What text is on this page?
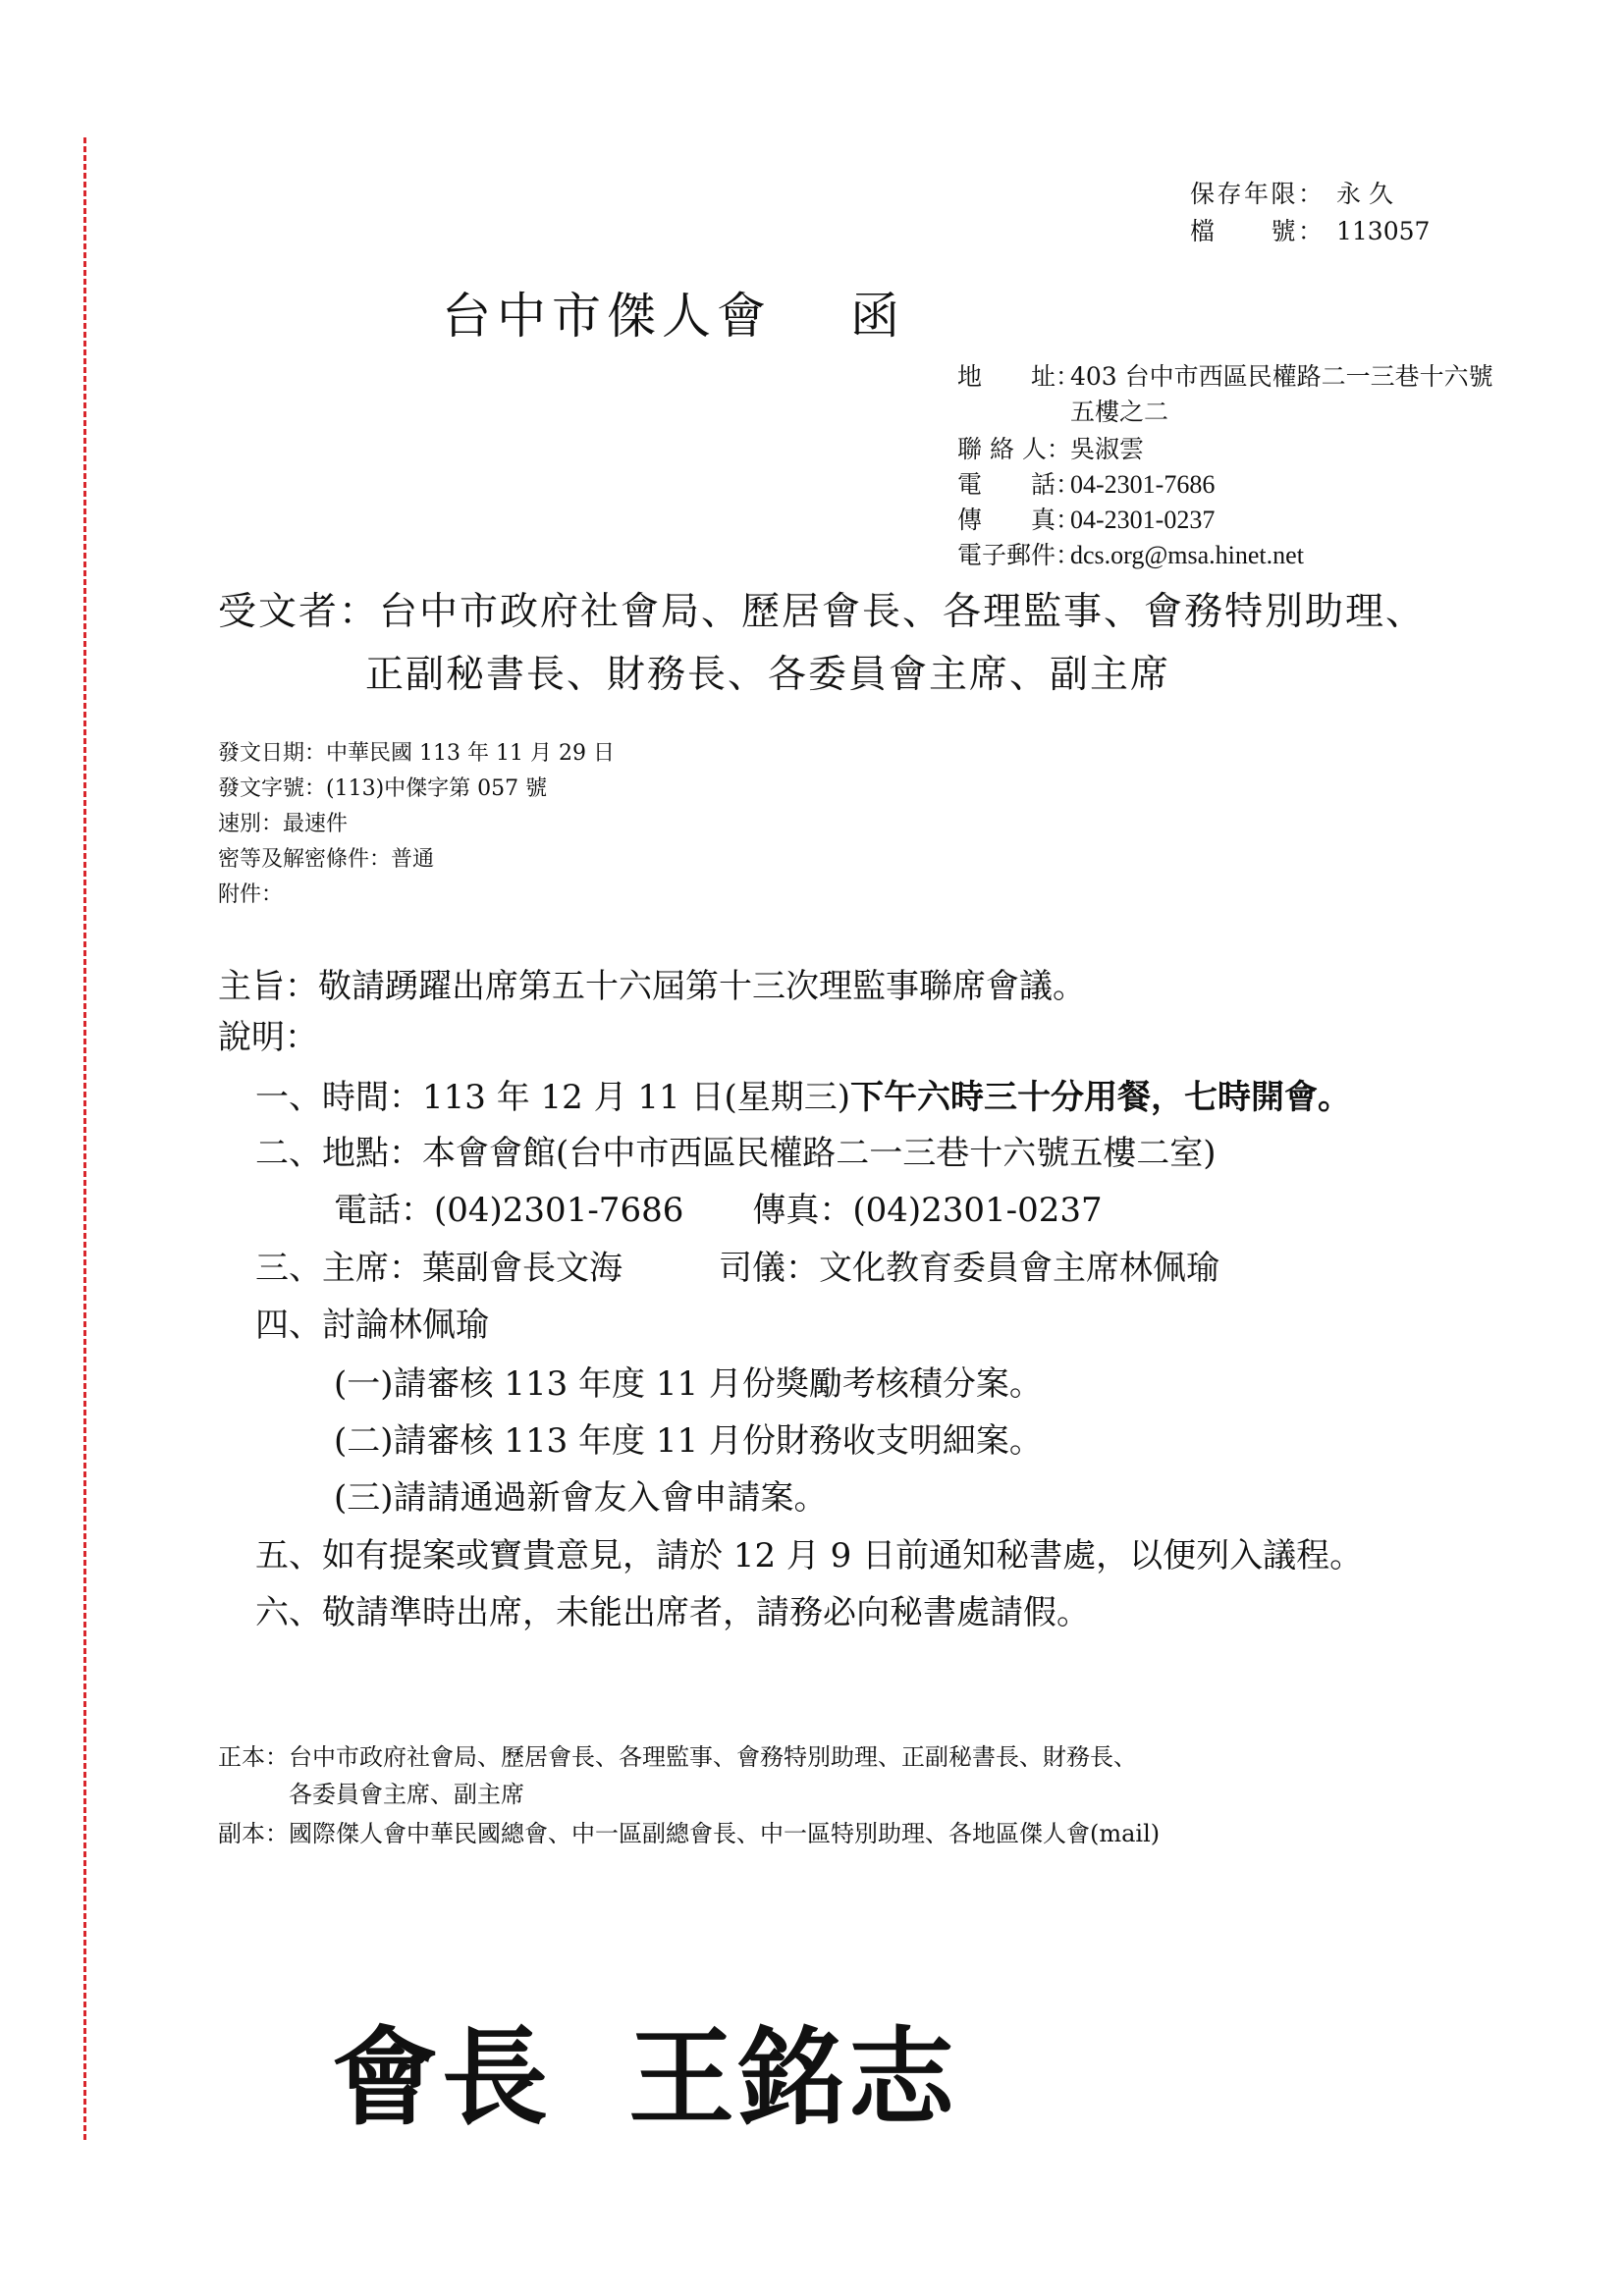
保存年限： 永 久
檔　　號： 113057
台中市傑人會 函
地　　址：403 台中市西區民權路二一三巷十六號
五樓之二
聯 絡 人：吳淑雲
電　　話：04-2301-7686
傳　　真：04-2301-0237
電子郵件：dcs.org@msa.hinet.net
受文者：台中市政府社會局、歷居會長、各理監事、會務特別助理、
正副秘書長、財務長、各委員會主席、副主席
發文日期：中華民國 113 年 11 月 29 日
發文字號：(113)中傑字第 057 號
速別：最速件
密等及解密條件：普通
附件：
主旨：敬請踴躍出席第五十六屆第十三次理監事聯席會議。
說明：
一、時間：113 年 12 月 11 日(星期三)下午六時三十分用餐，七時開會。
二、地點：本會會館(台中市西區民權路二一三巷十六號五樓二室)
電話：(04)2301-7686 傳真：(04)2301-0237
三、主席：葉副會長文海	司儀：文化教育委員會主席林佩瑜
四、討論林佩瑜
(一)請審核 113 年度 11 月份獎勵考核積分案。
(二)請審核 113 年度 11 月份財務收支明細案。
(三)請請通過新會友入會申請案。
五、如有提案或寶貴意見，請於 12 月 9 日前通知秘書處，以便列入議程。
六、敬請準時出席，未能出席者，請務必向秘書處請假。
正本：台中市政府社會局、歷居會長、各理監事、會務特別助理、正副秘書長、財務長、
各委員會主席、副主席
副本：國際傑人會中華民國總會、中一區副總會長、中一區特別助理、各地區傑人會(mail)
會長 王銘志
